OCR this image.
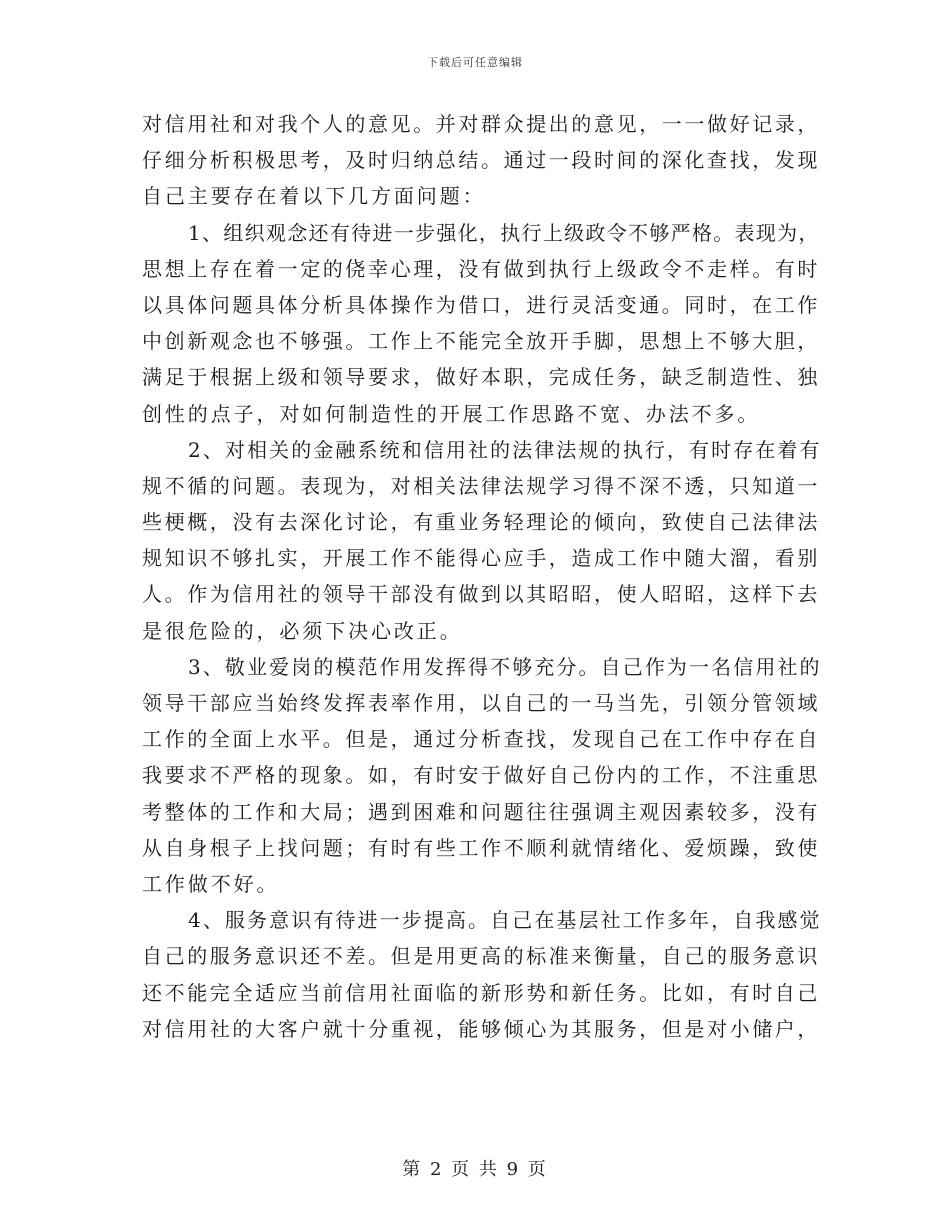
下载后可任意编辑
对信用社和对我个人的意见。并对群众提出的意见，一一做好记录，
仔细分析积极思考，及时归纳总结。通过一段时间的深化查找，发现
自己主要存在着以下几方面问题：
1、组织观念还有待进一步强化，执行上级政令不够严格。表现为，
思想上存在着一定的侥幸心理，没有做到执行上级政令不走样。有时
以具体问题具体分析具体操作为借口，进行灵活变通。同时，在工作
中创新观念也不够强。工作上不能完全放开手脚，思想上不够大胆，
满足于根据上级和领导要求，做好本职，完成任务，缺乏制造性、独
创性的点子，对如何制造性的开展工作思路不宽、办法不多。
2、对相关的金融系统和信用社的法律法规的执行，有时存在着有
规不循的问题。表现为，对相关法律法规学习得不深不透，只知道一
些梗概，没有去深化讨论，有重业务轻理论的倾向，致使自己法律法
规知识不够扎实，开展工作不能得心应手，造成工作中随大溜，看别
人。作为信用社的领导干部没有做到以其昭昭，使人昭昭，这样下去
是很危险的，必须下决心改正。
3、敬业爱岗的模范作用发挥得不够充分。自己作为一名信用社的
领导干部应当始终发挥表率作用，以自己的一马当先，引领分管领域
工作的全面上水平。但是，通过分析查找，发现自己在工作中存在自
我要求不严格的现象。如，有时安于做好自己份内的工作，不注重思
考整体的工作和大局；遇到困难和问题往往强调主观因素较多，没有
从自身根子上找问题；有时有些工作不顺利就情绪化、爱烦躁，致使
工作做不好。
4、服务意识有待进一步提高。自己在基层社工作多年，自我感觉
自己的服务意识还不差。但是用更高的标准来衡量，自己的服务意识
还不能完全适应当前信用社面临的新形势和新任务。比如，有时自己
对信用社的大客户就十分重视，能够倾心为其服务，但是对小储户，
第 2 页 共 9 页
